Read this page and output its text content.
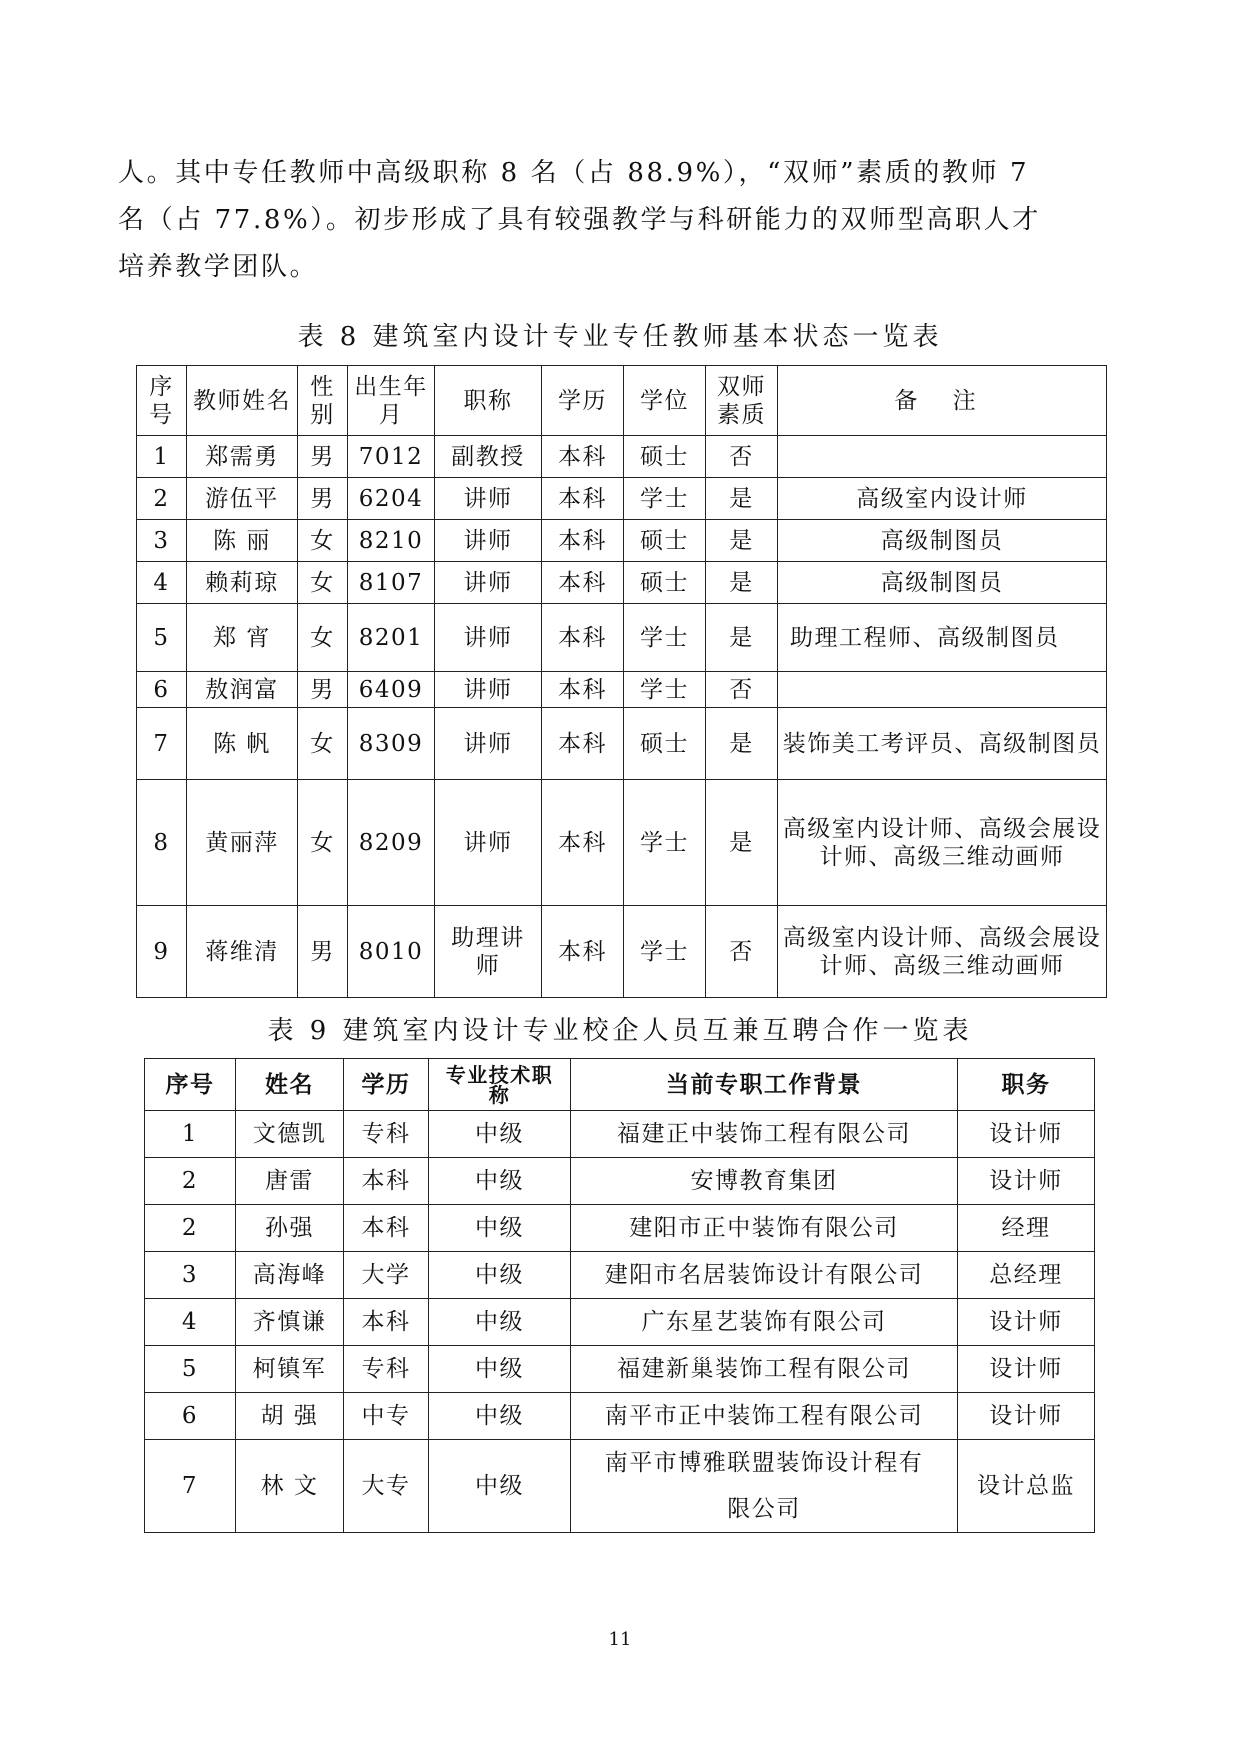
人。其中专任教师中高级职称 8 名（占 88.9%），“双师”素质的教师 7

名（占 77.8%）。初步形成了具有较强教学与科研能力的双师型高职人才

培养教学团队。

表 8 建筑室内设计专业专任教师基本状态一览表
序号	教师姓名	性别	出生年月	职称	学历	学位	双师素质	备 注
1	郑需勇	男	7012	副教授	本科	硕士	否	
2	游伍平	男	6204	讲师	本科	学士	是	高级室内设计师
3	陈 丽	女	8210	讲师	本科	硕士	是	高级制图员
4	赖莉琼	女	8107	讲师	本科	硕士	是	高级制图员
5	郑 宵	女	8201	讲师	本科	学士	是	助理工程师、高级制图员
6	敖润富	男	6409	讲师	本科	学士	否	
7	陈 帆	女	8309	讲师	本科	硕士	是	装饰美工考评员、高级制图员
8	黄丽萍	女	8209	讲师	本科	学士	是	高级室内设计师、高级会展设计师、高级三维动画师
9	蒋维清	男	8010	助理讲师	本科	学士	否	高级室内设计师、高级会展设计师、高级三维动画师
表 9 建筑室内设计专业校企人员互兼互聘合作一览表
序号	姓名	学历	专业技术职称	当前专职工作背景	职务
1	文德凯	专科	中级	福建正中装饰工程有限公司	设计师
2	唐雷	本科	中级	安博教育集团	设计师
2	孙强	本科	中级	建阳市正中装饰有限公司	经理
3	高海峰	大学	中级	建阳市名居装饰设计有限公司	总经理
4	齐慎谦	本科	中级	广东星艺装饰有限公司	设计师
5	柯镇军	专科	中级	福建新巢装饰工程有限公司	设计师
6	胡 强	中专	中级	南平市正中装饰工程有限公司	设计师
7	林 文	大专	中级	南平市博雅联盟装饰设计程有限公司	设计总监
11
